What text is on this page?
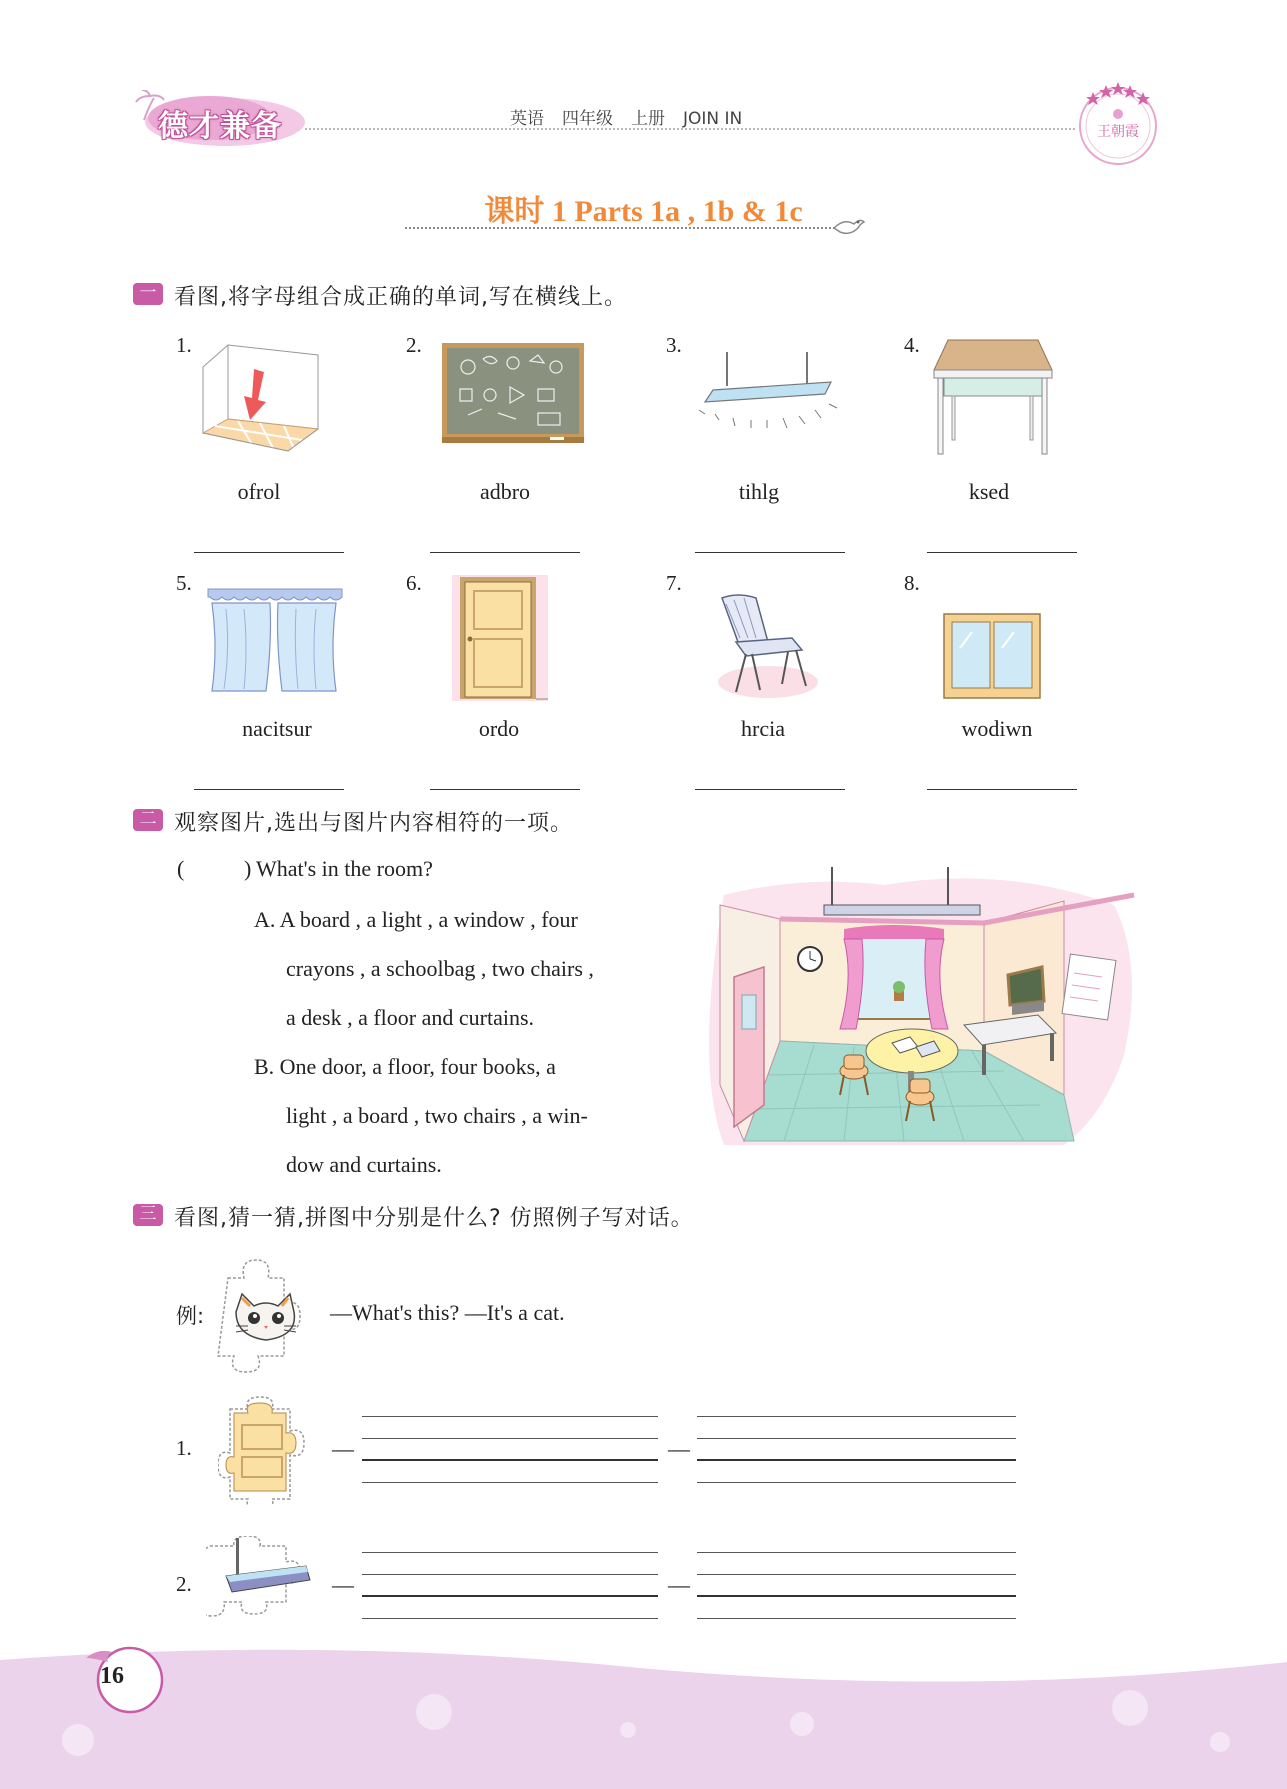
德才兼备	英语 四年级 上册 JOIN IN
王朝霞
课时 1 Parts 1a , 1b & 1c
一 看图,将字母组合成正确的单词,写在横线上。
1.
ofrol
2.
adbro
3.
tihlg
4.
ksed
5.
nacitsur
6.
ordo
7.
hrcia
8.
wodiwn
二 观察图片,选出与图片内容相符的一项。
(	) What's in the room?
A. A board , a light , a window , four
crayons , a schoolbag , two chairs ,
a desk , a floor and curtains.
B. One door, a floor, four books, a
light , a board , two chairs , a win-
dow and curtains.
三 看图,猜一猜,拼图中分别是什么? 仿照例子写对话。
例:	—What's this? —It's a cat.
1.	—	—
2.	—	—
16
